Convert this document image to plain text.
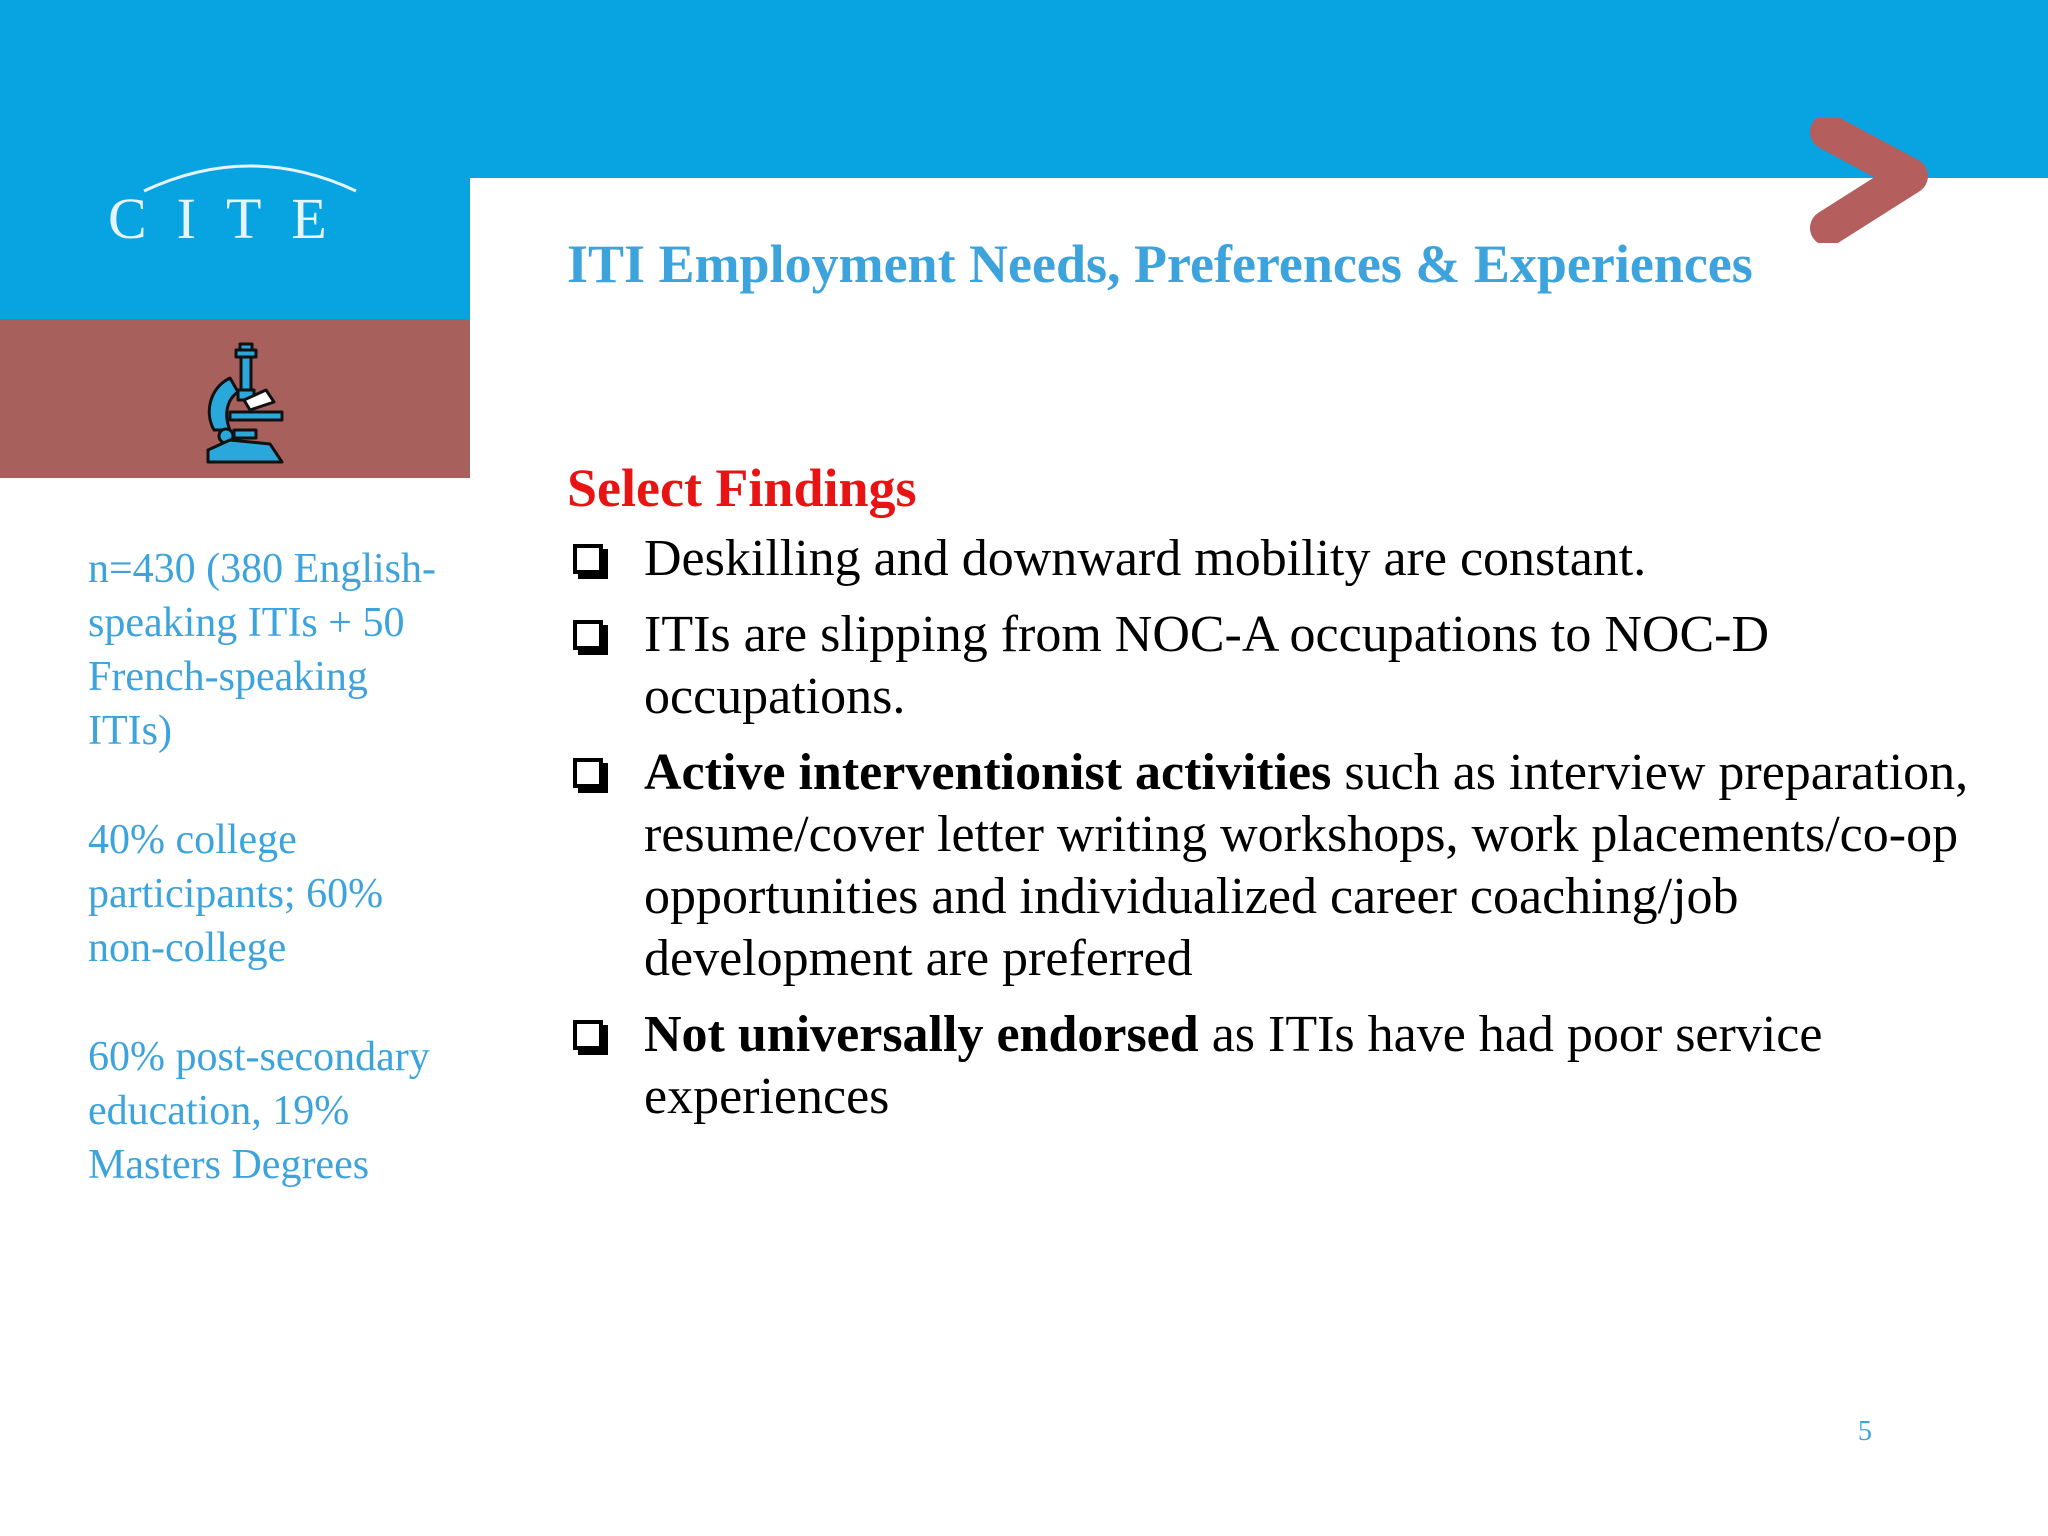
CITE
ITI Employment Needs, Preferences & Experiences

n=430 (380 English-speaking ITIs + 50 French-speaking ITIs)

40% college participants; 60% non-college

60% post-secondary education, 19% Masters Degrees

Select Findings
Deskilling and downward mobility are constant.
ITIs are slipping from NOC-A occupations to NOC-D occupations.
Active interventionist activities such as interview preparation, resume/cover letter writing workshops, work placements/co-op opportunities and individualized career coaching/job development are preferred
Not universally endorsed as ITIs have had poor service experiences
5
